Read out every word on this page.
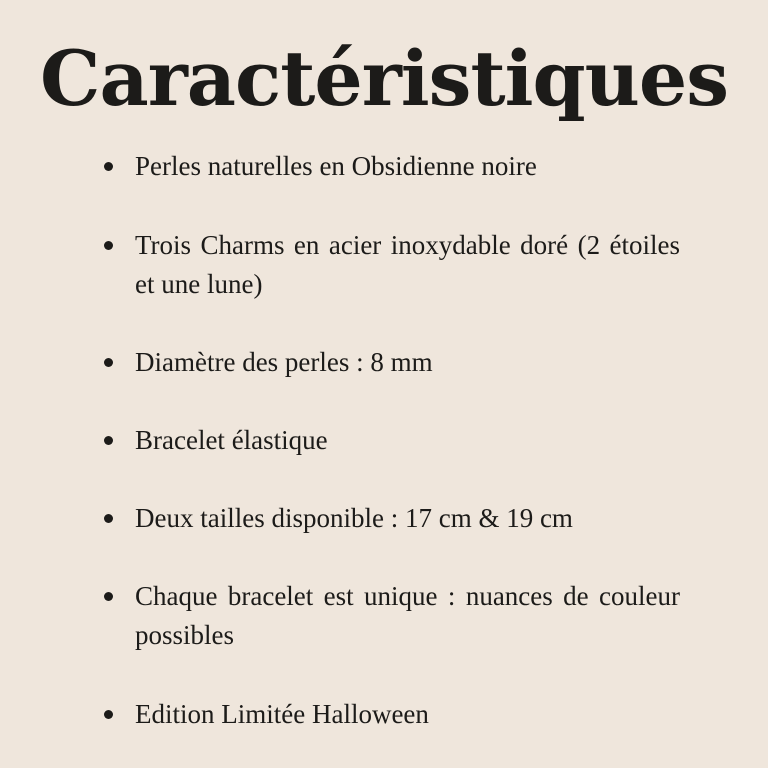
Caractéristiques
Perles naturelles en Obsidienne noire
Trois Charms en acier inoxydable doré (2 étoiles et une lune)
Diamètre des perles : 8 mm
Bracelet élastique
Deux tailles disponible : 17 cm & 19 cm
Chaque bracelet est unique : nuances de couleur possibles
Edition Limitée Halloween
